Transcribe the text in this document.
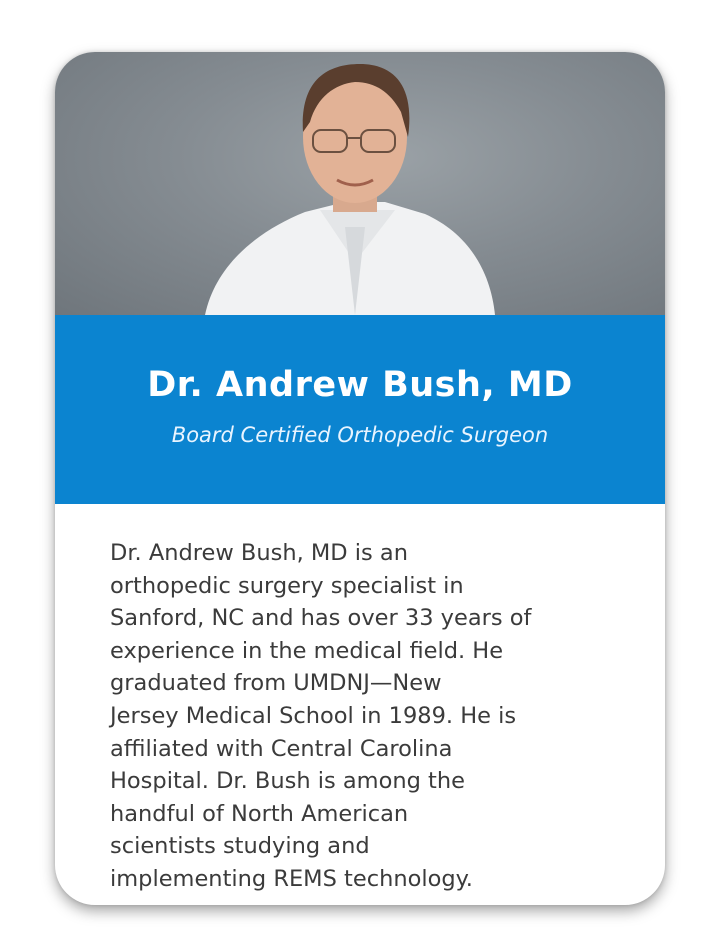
Dr. Andrew Bush, MD
Board Certified Orthopedic Surgeon
Dr. Andrew Bush, MD is an
orthopedic surgery specialist in
Sanford, NC and has over 33 years of
experience in the medical field. He
graduated from UMDNJ—New
Jersey Medical School in 1989. He is
affiliated with Central Carolina
Hospital. Dr. Bush is among the
handful of North American
scientists studying and
implementing REMS technology.
